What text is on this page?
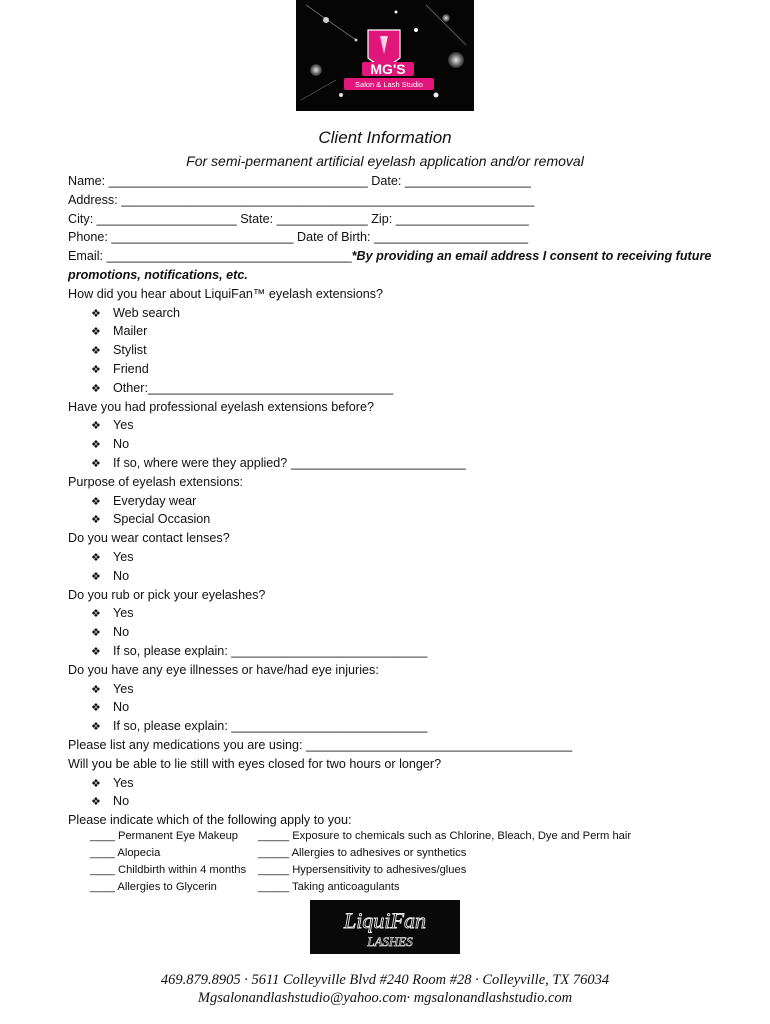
MG'S
Salon & Lash Studio
Client Information
For semi-permanent artificial eyelash application and/or removal
Name: _____________________________________ Date: __________________
Address: ___________________________________________________________
City: ____________________ State: _____________ Zip: ___________________
Phone: __________________________ Date of Birth: ______________________
Email: ___________________________________*By providing an email address I consent to receiving future
promotions, notifications, etc.
How did you hear about LiquiFan™ eyelash extensions?
❖ Web search
❖ Mailer
❖ Stylist
❖ Friend
❖ Other:___________________________________
Have you had professional eyelash extensions before?
❖ Yes
❖ No
❖ If so, where were they applied? _________________________
Purpose of eyelash extensions:
❖ Everyday wear
❖ Special Occasion
Do you wear contact lenses?
❖ Yes
❖ No
Do you rub or pick your eyelashes?
❖ Yes
❖ No
❖ If so, please explain: ____________________________
Do you have any eye illnesses or have/had eye injuries:
❖ Yes
❖ No
❖ If so, please explain: ____________________________
Please list any medications you are using: ______________________________________
Will you be able to lie still with eyes closed for two hours or longer?
❖ Yes
❖ No
Please indicate which of the following apply to you:
____ Permanent Eye Makeup _____ Exposure to chemicals such as Chlorine, Bleach, Dye and Perm hair
____ Alopecia	_____ Allergies to adhesives or synthetics
____ Childbirth within 4 months _____ Hypersensitivity to adhesives/glues
____ Allergies to Glycerin	_____ Taking anticoagulants
LiquiFan
LASHES
469.879.8905 · 5611 Colleyville Blvd #240 Room #28 · Colleyville, TX 76034
Mgsalonandlashstudio@yahoo.com· mgsalonandlashstudio.com
